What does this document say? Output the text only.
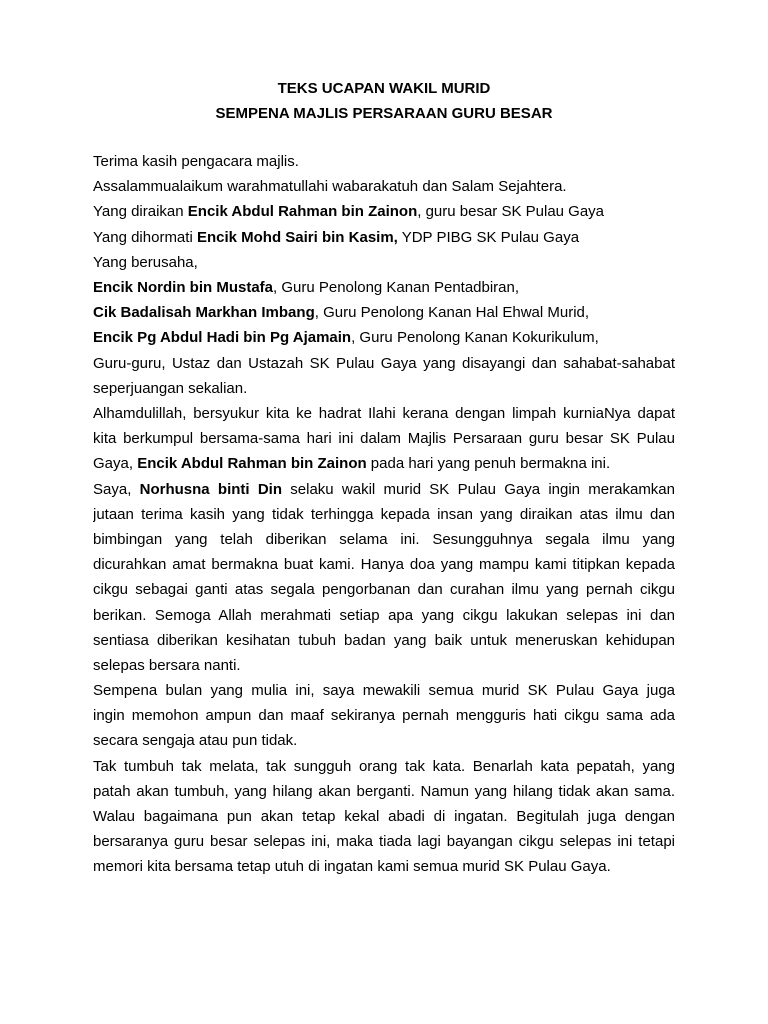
TEKS UCAPAN WAKIL MURID
SEMPENA MAJLIS PERSARAAN GURU BESAR
Terima kasih pengacara majlis.
Assalammualaikum warahmatullahi wabarakatuh dan Salam Sejahtera.
Yang diraikan Encik Abdul Rahman bin Zainon, guru besar SK Pulau Gaya
Yang dihormati Encik Mohd Sairi bin Kasim, YDP PIBG SK Pulau Gaya
Yang berusaha,
Encik Nordin bin Mustafa, Guru Penolong Kanan Pentadbiran,
Cik Badalisah Markhan Imbang, Guru Penolong Kanan Hal Ehwal Murid,
Encik Pg Abdul Hadi bin Pg Ajamain, Guru Penolong Kanan Kokurikulum,
Guru-guru, Ustaz dan Ustazah SK Pulau Gaya yang disayangi dan sahabat-sahabat
seperjuangan sekalian.
Alhamdulillah, bersyukur kita ke hadrat Ilahi kerana dengan limpah kurniaNya dapat
kita berkumpul bersama-sama hari ini dalam Majlis Persaraan guru besar SK Pulau
Gaya, Encik Abdul Rahman bin Zainon pada hari yang penuh bermakna ini.
Saya, Norhusna binti Din selaku wakil murid SK Pulau Gaya ingin merakamkan
jutaan terima kasih yang tidak terhingga kepada insan yang diraikan atas ilmu dan
bimbingan yang telah diberikan selama ini. Sesungguhnya segala ilmu yang
dicurahkan amat bermakna buat kami. Hanya doa yang mampu kami titipkan kepada
cikgu sebagai ganti atas segala pengorbanan dan curahan ilmu yang pernah cikgu
berikan. Semoga Allah merahmati setiap apa yang cikgu lakukan selepas ini dan
sentiasa diberikan kesihatan tubuh badan yang baik untuk meneruskan kehidupan
selepas bersara nanti.
Sempena bulan yang mulia ini, saya mewakili semua murid SK Pulau Gaya juga
ingin memohon ampun dan maaf sekiranya pernah mengguris hati cikgu sama ada
secara sengaja atau pun tidak.
Tak tumbuh tak melata, tak sungguh orang tak kata. Benarlah kata pepatah, yang
patah akan tumbuh, yang hilang akan berganti. Namun yang hilang tidak akan sama.
Walau bagaimana pun akan tetap kekal abadi di ingatan. Begitulah juga dengan
bersaranya guru besar selepas ini, maka tiada lagi bayangan cikgu selepas ini tetapi
memori kita bersama tetap utuh di ingatan kami semua murid SK Pulau Gaya.
